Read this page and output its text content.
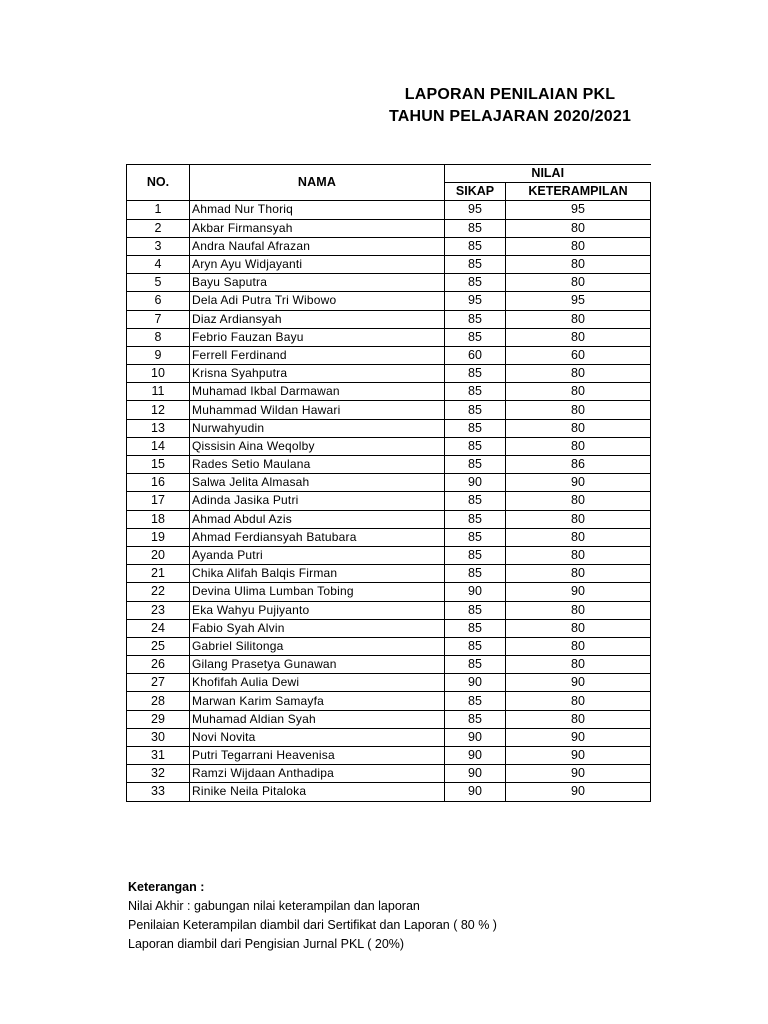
LAPORAN PENILAIAN PKL
TAHUN PELAJARAN 2020/2021
NO.	NAMA	NILAI	
		SIKAP	KETERAMPILAN
1	Ahmad Nur Thoriq	95	95
2	Akbar Firmansyah	85	80
3	Andra Naufal Afrazan	85	80
4	Aryn Ayu Widjayanti	85	80
5	Bayu Saputra	85	80
6	Dela Adi Putra Tri Wibowo	95	95
7	Diaz Ardiansyah	85	80
8	Febrio Fauzan Bayu	85	80
9	Ferrell Ferdinand	60	60
10	Krisna Syahputra	85	80
11	Muhamad Ikbal Darmawan	85	80
12	Muhammad Wildan Hawari	85	80
13	Nurwahyudin	85	80
14	Qissisin Aina Weqolby	85	80
15	Rades Setio Maulana	85	86
16	Salwa Jelita Almasah	90	90
17	Adinda Jasika Putri	85	80
18	Ahmad Abdul Azis	85	80
19	Ahmad Ferdiansyah Batubara	85	80
20	Ayanda Putri	85	80
21	Chika Alifah Balqis Firman	85	80
22	Devina Ulima Lumban Tobing	90	90
23	Eka Wahyu Pujiyanto	85	80
24	Fabio Syah Alvin	85	80
25	Gabriel Silitonga	85	80
26	Gilang Prasetya Gunawan	85	80
27	Khofifah Aulia Dewi	90	90
28	Marwan Karim Samayfa	85	80
29	Muhamad Aldian Syah	85	80
30	Novi Novita	90	90
31	Putri Tegarrani Heavenisa	90	90
32	Ramzi Wijdaan Anthadipa	90	90
33	Rinike Neila Pitaloka	90	90
Keterangan :
Nilai Akhir : gabungan nilai keterampilan dan laporan
Penilaian Keterampilan diambil dari Sertifikat dan Laporan ( 80 % )
Laporan diambil dari Pengisian Jurnal PKL ( 20%)
